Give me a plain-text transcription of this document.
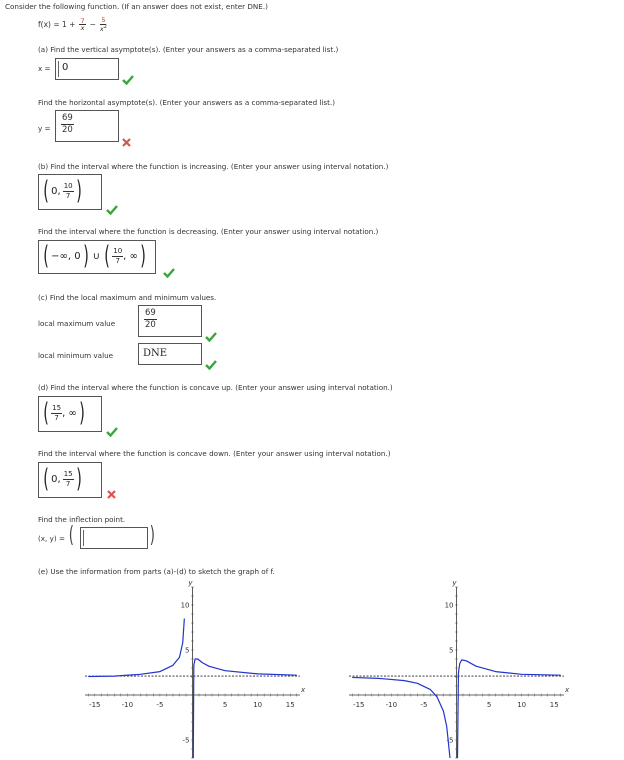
Consider the following function. (If an answer does not exist, enter DNE.)
$f(x) = 1 + \frac{7}{x} - \frac{5}{x^2}$
(a) Find the vertical asymptote(s). (Enter your answers as a comma-separated list.)
x = 0
Find the horizontal asymptote(s). (Enter your answers as a comma-separated list.)
$y = \frac{69}{20}$
(b) Find the interval where the function is increasing. (Enter your answer using interval notation.)
( 0, $\frac{10}{7}$ )
Find the interval where the function is decreasing. (Enter your answer using interval notation.)
( −∞, 0 ) ∪ ( $\frac{10}{7}$ , ∞ )
(c) Find the local maximum and minimum values.
local maximum value	$\frac{69}{20}$
local minimum value	DNE
(d) Find the interval where the function is concave up. (Enter your answer using interval notation.)
( $\frac{15}{7}$ , ∞ )
Find the interval where the function is concave down. (Enter your answer using interval notation.)
( 0, $\frac{15}{7}$ )
Find the inflection point.
(x, y) = (	)
(e) Use the information from parts (a)-(d) to sketch the graph of f.
-15	-10	-5	5	10	15
10
5
-5
x
y
-15	-10	-5	5	10	15
10
5
-5
x
y
